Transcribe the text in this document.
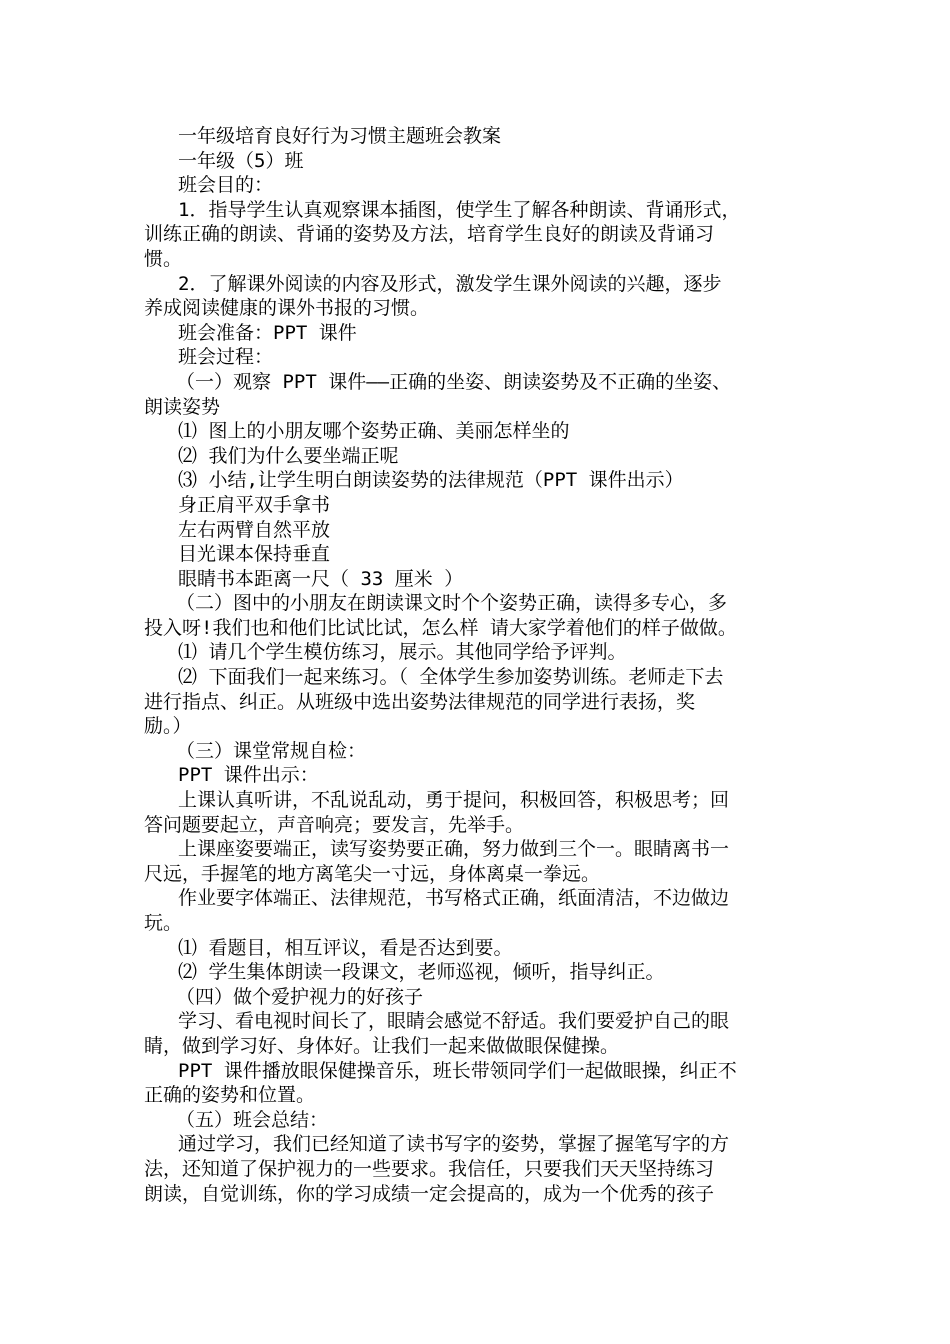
一年级培育良好行为习惯主题班会教案
一年级（5）班
班会目的：
1．指导学生认真观察课本插图，使学生了解各种朗读、背诵形式，
训练正确的朗读、背诵的姿势及方法，培育学生良好的朗读及背诵习
惯。
2．了解课外阅读的内容及形式，激发学生课外阅读的兴趣，逐步
养成阅读健康的课外书报的习惯。
班会准备：PPT 课件
班会过程：
（一）观察 PPT 课件——正确的坐姿、朗读姿势及不正确的坐姿、
朗读姿势
⑴ 图上的小朋友哪个姿势正确、美丽怎样坐的
⑵ 我们为什么要坐端正呢
⑶ 小结,让学生明白朗读姿势的法律规范（PPT 课件出示）
身正肩平双手拿书
左右两臂自然平放
目光课本保持垂直
眼睛书本距离一尺（ 33 厘米 ）
（二）图中的小朋友在朗读课文时个个姿势正确，读得多专心，多
投入呀!我们也和他们比试比试，怎么样 请大家学着他们的样子做做。
⑴ 请几个学生模仿练习，展示。其他同学给予评判。
⑵ 下面我们一起来练习。（ 全体学生参加姿势训练。老师走下去
进行指点、纠正。从班级中选出姿势法律规范的同学进行表扬，奖
励。）
（三）课堂常规自检：
PPT 课件出示：
上课认真听讲，不乱说乱动，勇于提问，积极回答，积极思考；回
答问题要起立，声音响亮；要发言，先举手。
上课座姿要端正，读写姿势要正确，努力做到三个一。眼睛离书一
尺远，手握笔的地方离笔尖一寸远，身体离桌一拳远。
作业要字体端正、法律规范，书写格式正确，纸面清洁，不边做边
玩。
⑴ 看题目，相互评议，看是否达到要。
⑵ 学生集体朗读一段课文，老师巡视，倾听，指导纠正。
（四）做个爱护视力的好孩子
学习、看电视时间长了，眼睛会感觉不舒适。我们要爱护自己的眼
睛，做到学习好、身体好。让我们一起来做做眼保健操。
PPT 课件播放眼保健操音乐，班长带领同学们一起做眼操，纠正不
正确的姿势和位置。
（五）班会总结：
通过学习，我们已经知道了读书写字的姿势，掌握了握笔写字的方
法，还知道了保护视力的一些要求。我信任，只要我们天天坚持练习
朗读，自觉训练，你的学习成绩一定会提高的，成为一个优秀的孩子
